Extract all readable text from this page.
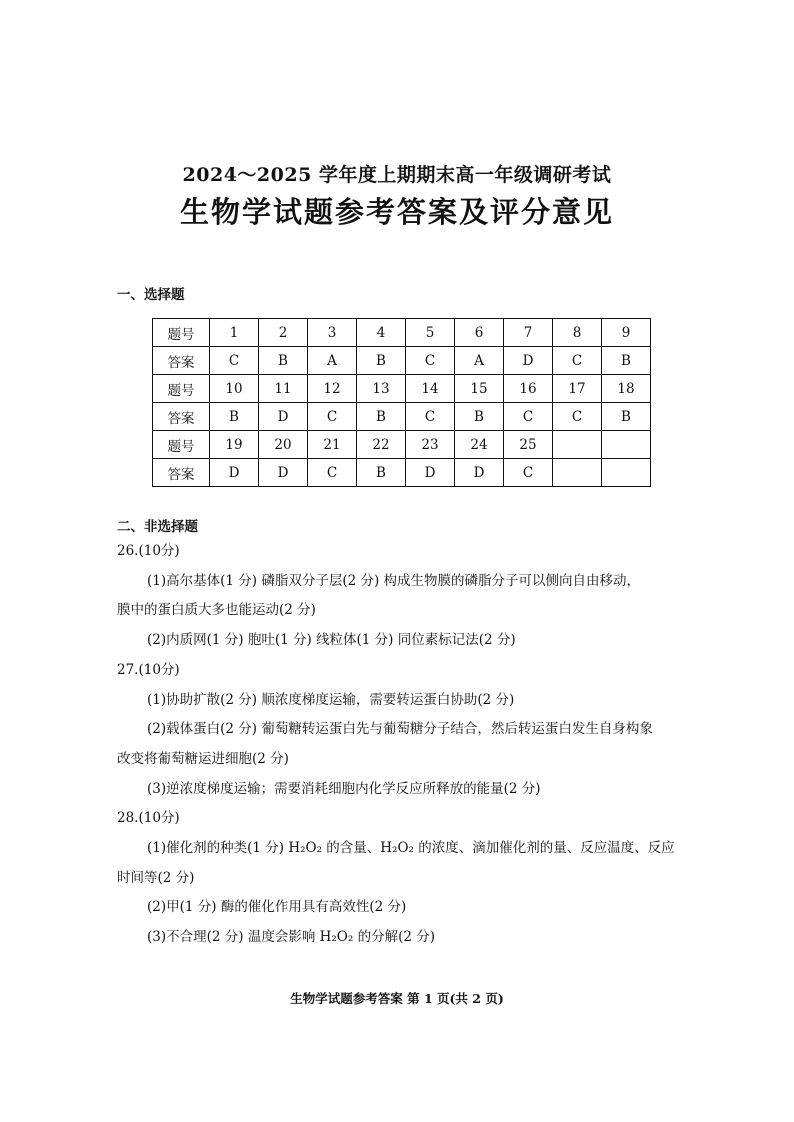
2024～2025 学年度上期期末高一年级调研考试
生物学试题参考答案及评分意见
一、选择题
题号	1	2	3	4	5	6	7	8	9
答案	C	B	A	B	C	A	D	C	B
题号	10	11	12	13	14	15	16	17	18
答案	B	D	C	B	C	B	C	C	B
题号	19	20	21	22	23	24	25		
答案	D	D	C	B	D	D	C		
二、非选择题

26.(10分)

(1)高尔基体(1 分) 磷脂双分子层(2 分) 构成生物膜的磷脂分子可以侧向自由移动，

膜中的蛋白质大多也能运动(2 分)

(2)内质网(1 分) 胞吐(1 分) 线粒体(1 分) 同位素标记法(2 分)

27.(10分)

(1)协助扩散(2 分) 顺浓度梯度运输，需要转运蛋白协助(2 分)

(2)载体蛋白(2 分) 葡萄糖转运蛋白先与葡萄糖分子结合，然后转运蛋白发生自身构象

改变将葡萄糖运进细胞(2 分)

(3)逆浓度梯度运输；需要消耗细胞内化学反应所释放的能量(2 分)

28.(10分)

(1)催化剂的种类(1 分) H₂O₂ 的含量、H₂O₂ 的浓度、滴加催化剂的量、反应温度、反应

时间等(2 分)

(2)甲(1 分) 酶的催化作用具有高效性(2 分)

(3)不合理(2 分) 温度会影响 H₂O₂ 的分解(2 分)

生物学试题参考答案 第 1 页(共 2 页)
